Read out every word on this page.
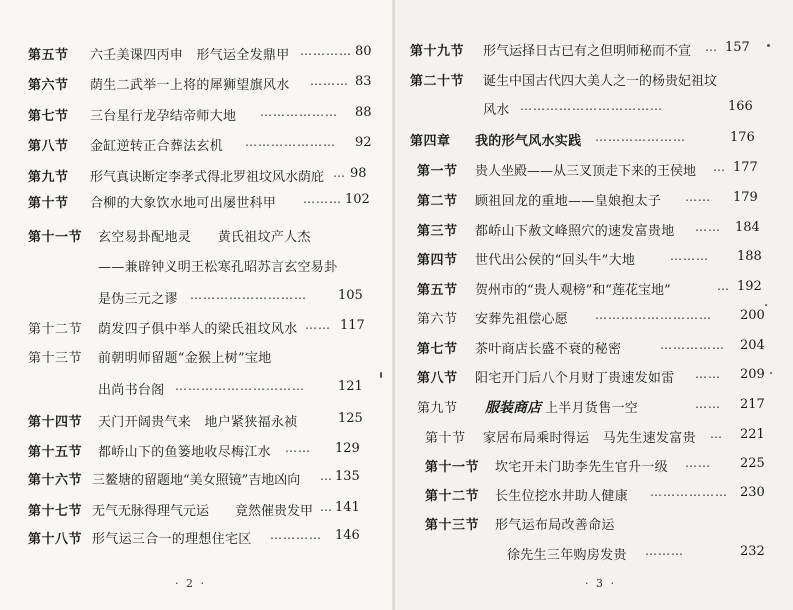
第五节 六壬美课四丙申　形气运全发鼎甲 ………… 80
第六节 荫生二武举一上将的犀狮望旗风水 ……… 83
第七节 三台星行龙孕结帝师大地 ……………… 88
第八节 金缸逆转正合葬法玄机 ………………… 92
第九节 形气真诀断定李孝式得北罗祖坟风水荫庇 … 98
第十节 合柳的大象饮水地可出屡世科甲 ……… 102
第十一节 玄空易卦配地灵　　黄氏祖坟产人杰
——兼辟钟义明王松寒孔昭苏言玄空易卦
是伪三元之谬 ……………………… 105
第十二节 荫发四子俱中举人的梁氏祖坟风水 …… 117
第十三节 前朝明师留题“金猴上树”宝地
出尚书台阁 …………………………	121
第十四节 天门开阔贵气来　地户紧狭福永祯	125
第十五节 都峤山下的鱼篓地收尽梅江水 …… 129
第十六节 三鳌塘的留题地“美女照镜”吉地凶向 … 135
第十七节 无气无脉得理气元运　　竟然催贵发甲 … 141
第十八节 形气运三合一的理想住宅区 ………… 146
· 2 ·
第十九节 形气运择日古已有之但明师秘而不宣 … 157
第二十节 诞生中国古代四大美人之一的杨贵妃祖坟
风水 ……………………………	166
第四章 我的形气风水实践 …………………	176
第一节 贵人坐殿——从三叉顶走下来的王侯地 … 177
第二节 顾祖回龙的重地——皇娘抱太子 …… 179
第三节 都峤山下赦文峰照穴的速发富贵地 …… 184
第四节 世代出公侯的“回头牛”大地	……… 188
第五节 贺州市的“贵人观榜”和“莲花宝地”	… 192
第六节 安葬先祖偿心愿 ……………………… 200
第七节 茶叶商店长盛不衰的秘密	…………… 204
第八节 阳宅开门后八个月财丁贵速发如雷 …… 209
第九节 服装商店 上半月货售一空	…… 217
第十节 家居布局乘时得运　马先生速发富贵 … 221
第十一节 坎宅开未门助李先生官升一级 …… 225
第十二节 长生位挖水井助人健康 ……………… 230
第十三节 形气运布局改善命运
徐先生三年购房发贵 ………	232
· 3 ·
